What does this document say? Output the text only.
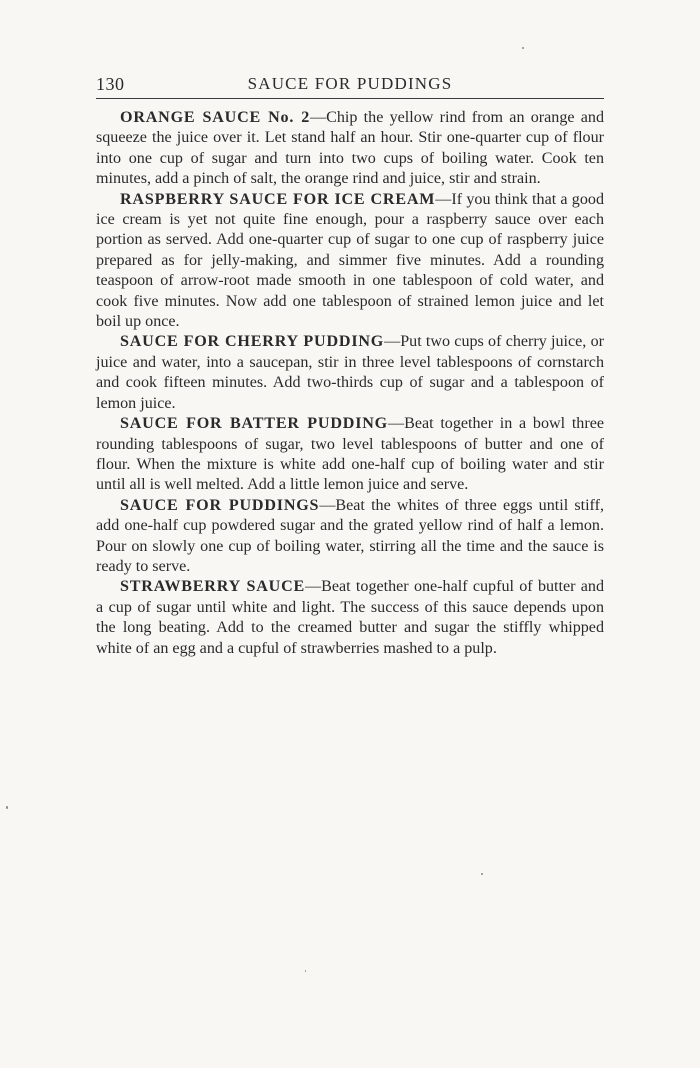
130	SAUCE FOR PUDDINGS

ORANGE SAUCE No. 2—Chip the yellow rind from an orange and squeeze the juice over it. Let stand half an hour. Stir one-quarter cup of flour into one cup of sugar and turn into two cups of boiling water. Cook ten minutes, add a pinch of salt, the orange rind and juice, stir and strain.

RASPBERRY SAUCE FOR ICE CREAM—If you think that a good ice cream is yet not quite fine enough, pour a raspberry sauce over each portion as served. Add one-quarter cup of sugar to one cup of raspberry juice prepared as for jelly-making, and simmer five minutes. Add a rounding teaspoon of arrow-root made smooth in one tablespoon of cold water, and cook five minutes. Now add one tablespoon of strained lemon juice and let boil up once.

SAUCE FOR CHERRY PUDDING—Put two cups of cherry juice, or juice and water, into a saucepan, stir in three level tablespoons of cornstarch and cook fifteen minutes. Add two-thirds cup of sugar and a tablespoon of lemon juice.

SAUCE FOR BATTER PUDDING—Beat together in a bowl three rounding tablespoons of sugar, two level tablespoons of butter and one of flour. When the mixture is white add one-half cup of boiling water and stir until all is well melted. Add a little lemon juice and serve.

SAUCE FOR PUDDINGS—Beat the whites of three eggs until stiff, add one-half cup powdered sugar and the grated yellow rind of half a lemon. Pour on slowly one cup of boiling water, stirring all the time and the sauce is ready to serve.

STRAWBERRY SAUCE—Beat together one-half cupful of butter and a cup of sugar until white and light. The success of this sauce depends upon the long beating. Add to the creamed butter and sugar the stiffly whipped white of an egg and a cupful of strawberries mashed to a pulp.
